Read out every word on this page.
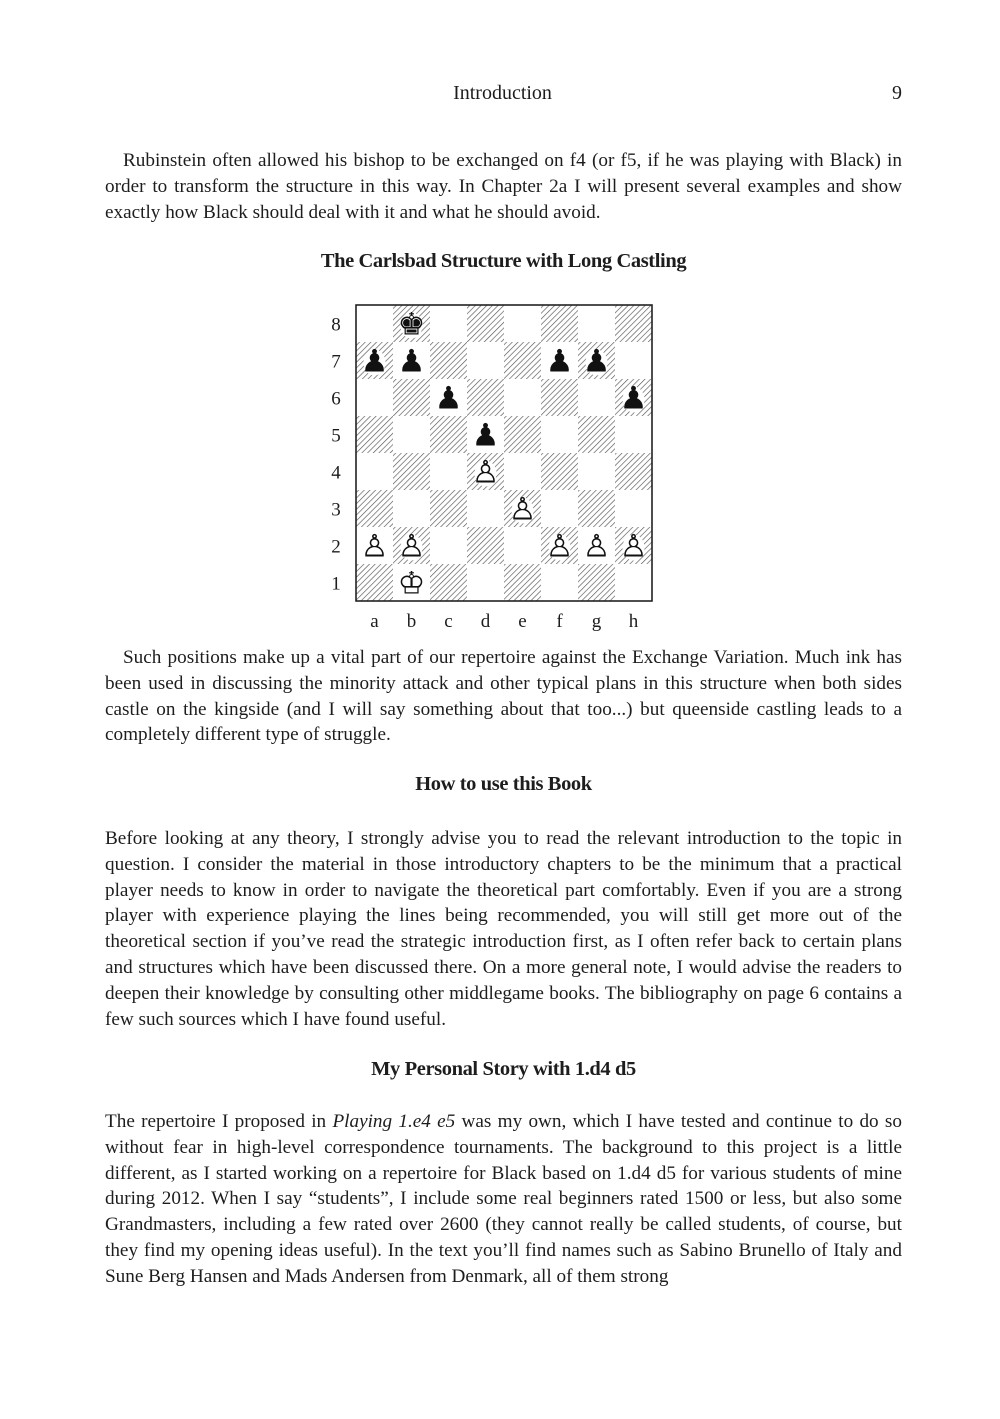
Introduction	9
Rubinstein often allowed his bishop to be exchanged on f4 (or f5, if he was playing with Black) in order to transform the structure in this way. In Chapter 2a I will present several examples and show exactly how Black should deal with it and what he should avoid.
The Carlsbad Structure with Long Castling
8
7
6
5
4
3
2
1
a b c d e f g h
♚
♟ ♟	♟ ♟
♟	♟
♟
♙
♙
♙ ♙	♙ ♙ ♙
♔
Such positions make up a vital part of our repertoire against the Exchange Variation. Much ink has been used in discussing the minority attack and other typical plans in this structure when both sides castle on the kingside (and I will say something about that too...) but queenside castling leads to a completely different type of struggle.
How to use this Book
Before looking at any theory, I strongly advise you to read the relevant introduction to the topic in question. I consider the material in those introductory chapters to be the minimum that a practical player needs to know in order to navigate the theoretical part comfortably. Even if you are a strong player with experience playing the lines being recommended, you will still get more out of the theoretical section if you’ve read the strategic introduction first, as I often refer back to certain plans and structures which have been discussed there. On a more general note, I would advise the readers to deepen their knowledge by consulting other middlegame books. The bibliography on page 6 contains a few such sources which I have found useful.
My Personal Story with 1.d4 d5
The repertoire I proposed in Playing 1.e4 e5 was my own, which I have tested and continue to do so without fear in high-level correspondence tournaments. The background to this project is a little different, as I started working on a repertoire for Black based on 1.d4 d5 for various students of mine during 2012. When I say “students”, I include some real beginners rated 1500 or less, but also some Grandmasters, including a few rated over 2600 (they cannot really be called students, of course, but they find my opening ideas useful). In the text you’ll find names such as Sabino Brunello of Italy and Sune Berg Hansen and Mads Andersen from Denmark, all of them strong
